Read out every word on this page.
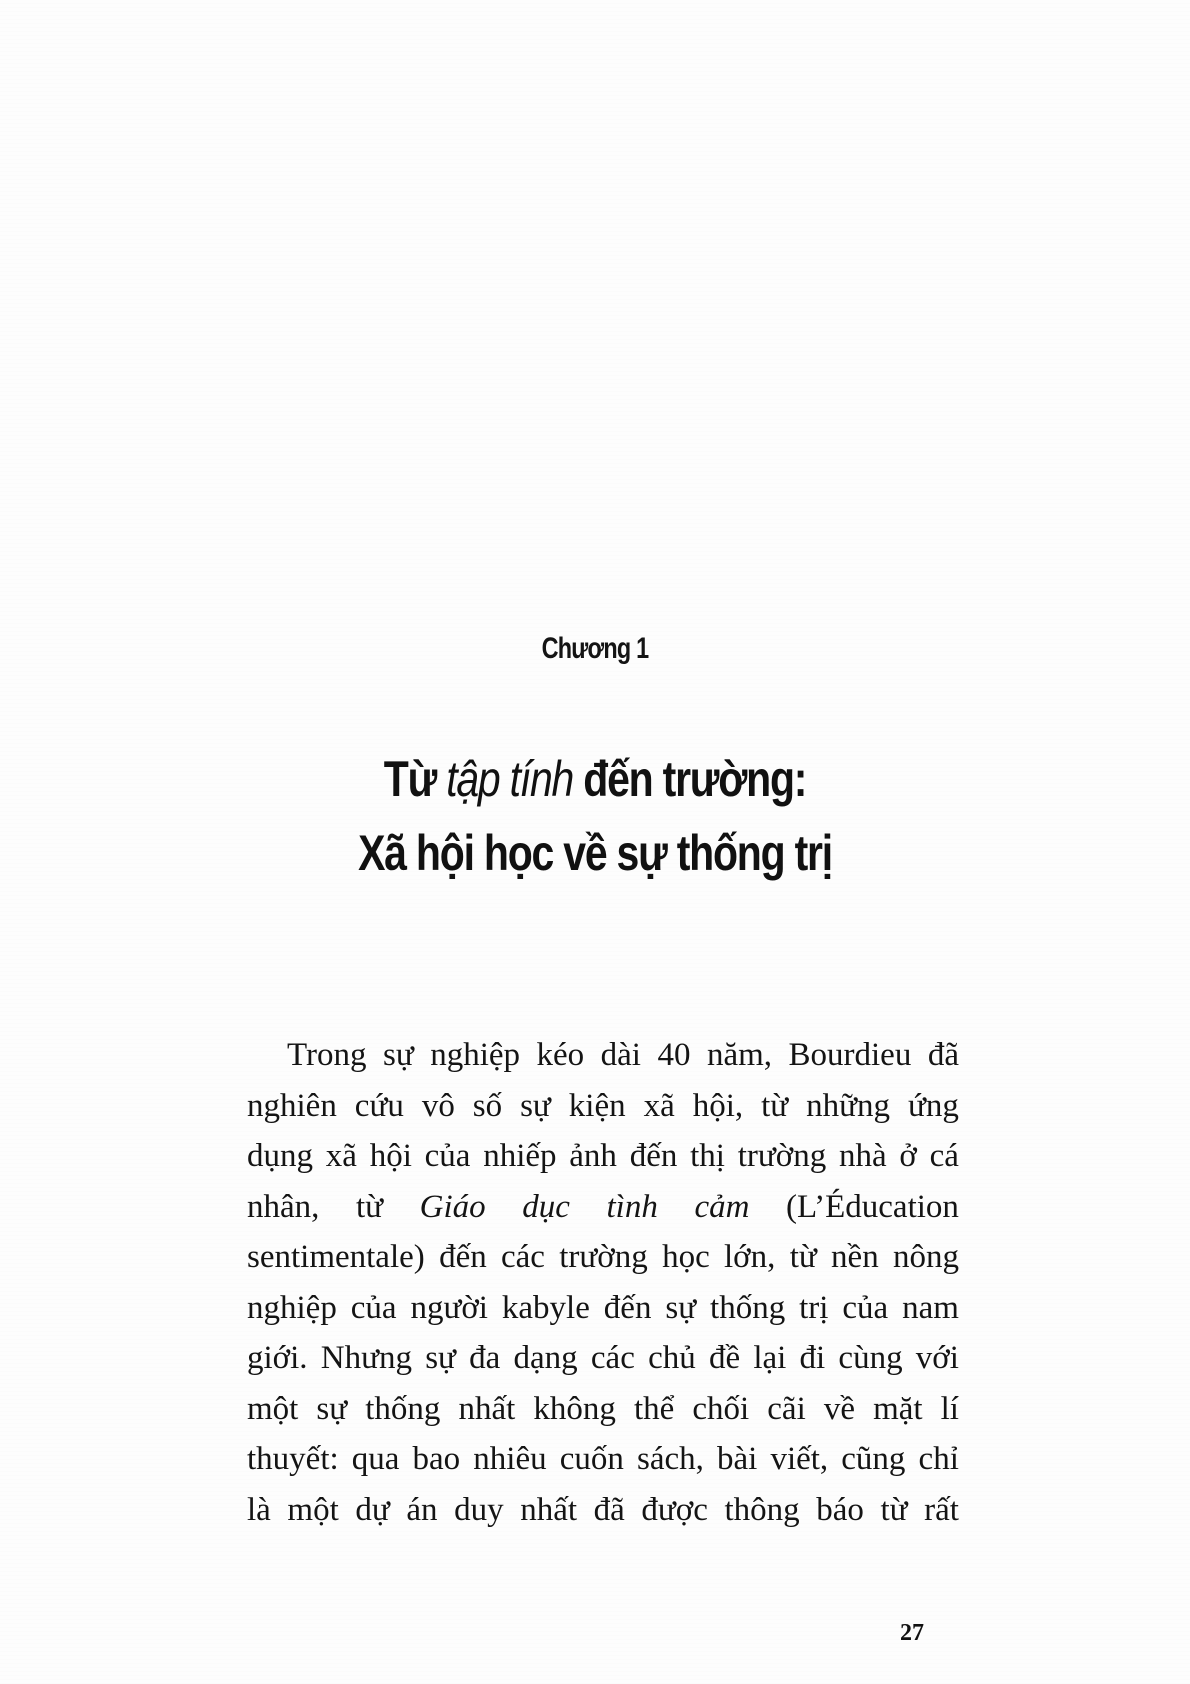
Chương 1
Từ tập tính đến trường:
Xã hội học về sự thống trị
Trong sự nghiệp kéo dài 40 năm, Bourdieu đã
nghiên cứu vô số sự kiện xã hội, từ những ứng
dụng xã hội của nhiếp ảnh đến thị trường nhà ở cá
nhân, từ Giáo dục tình cảm (L’Éducation
sentimentale) đến các trường học lớn, từ nền nông
nghiệp của người kabyle đến sự thống trị của nam
giới. Nhưng sự đa dạng các chủ đề lại đi cùng với
một sự thống nhất không thể chối cãi về mặt lí
thuyết: qua bao nhiêu cuốn sách, bài viết, cũng chỉ
là một dự án duy nhất đã được thông báo từ rất
27
